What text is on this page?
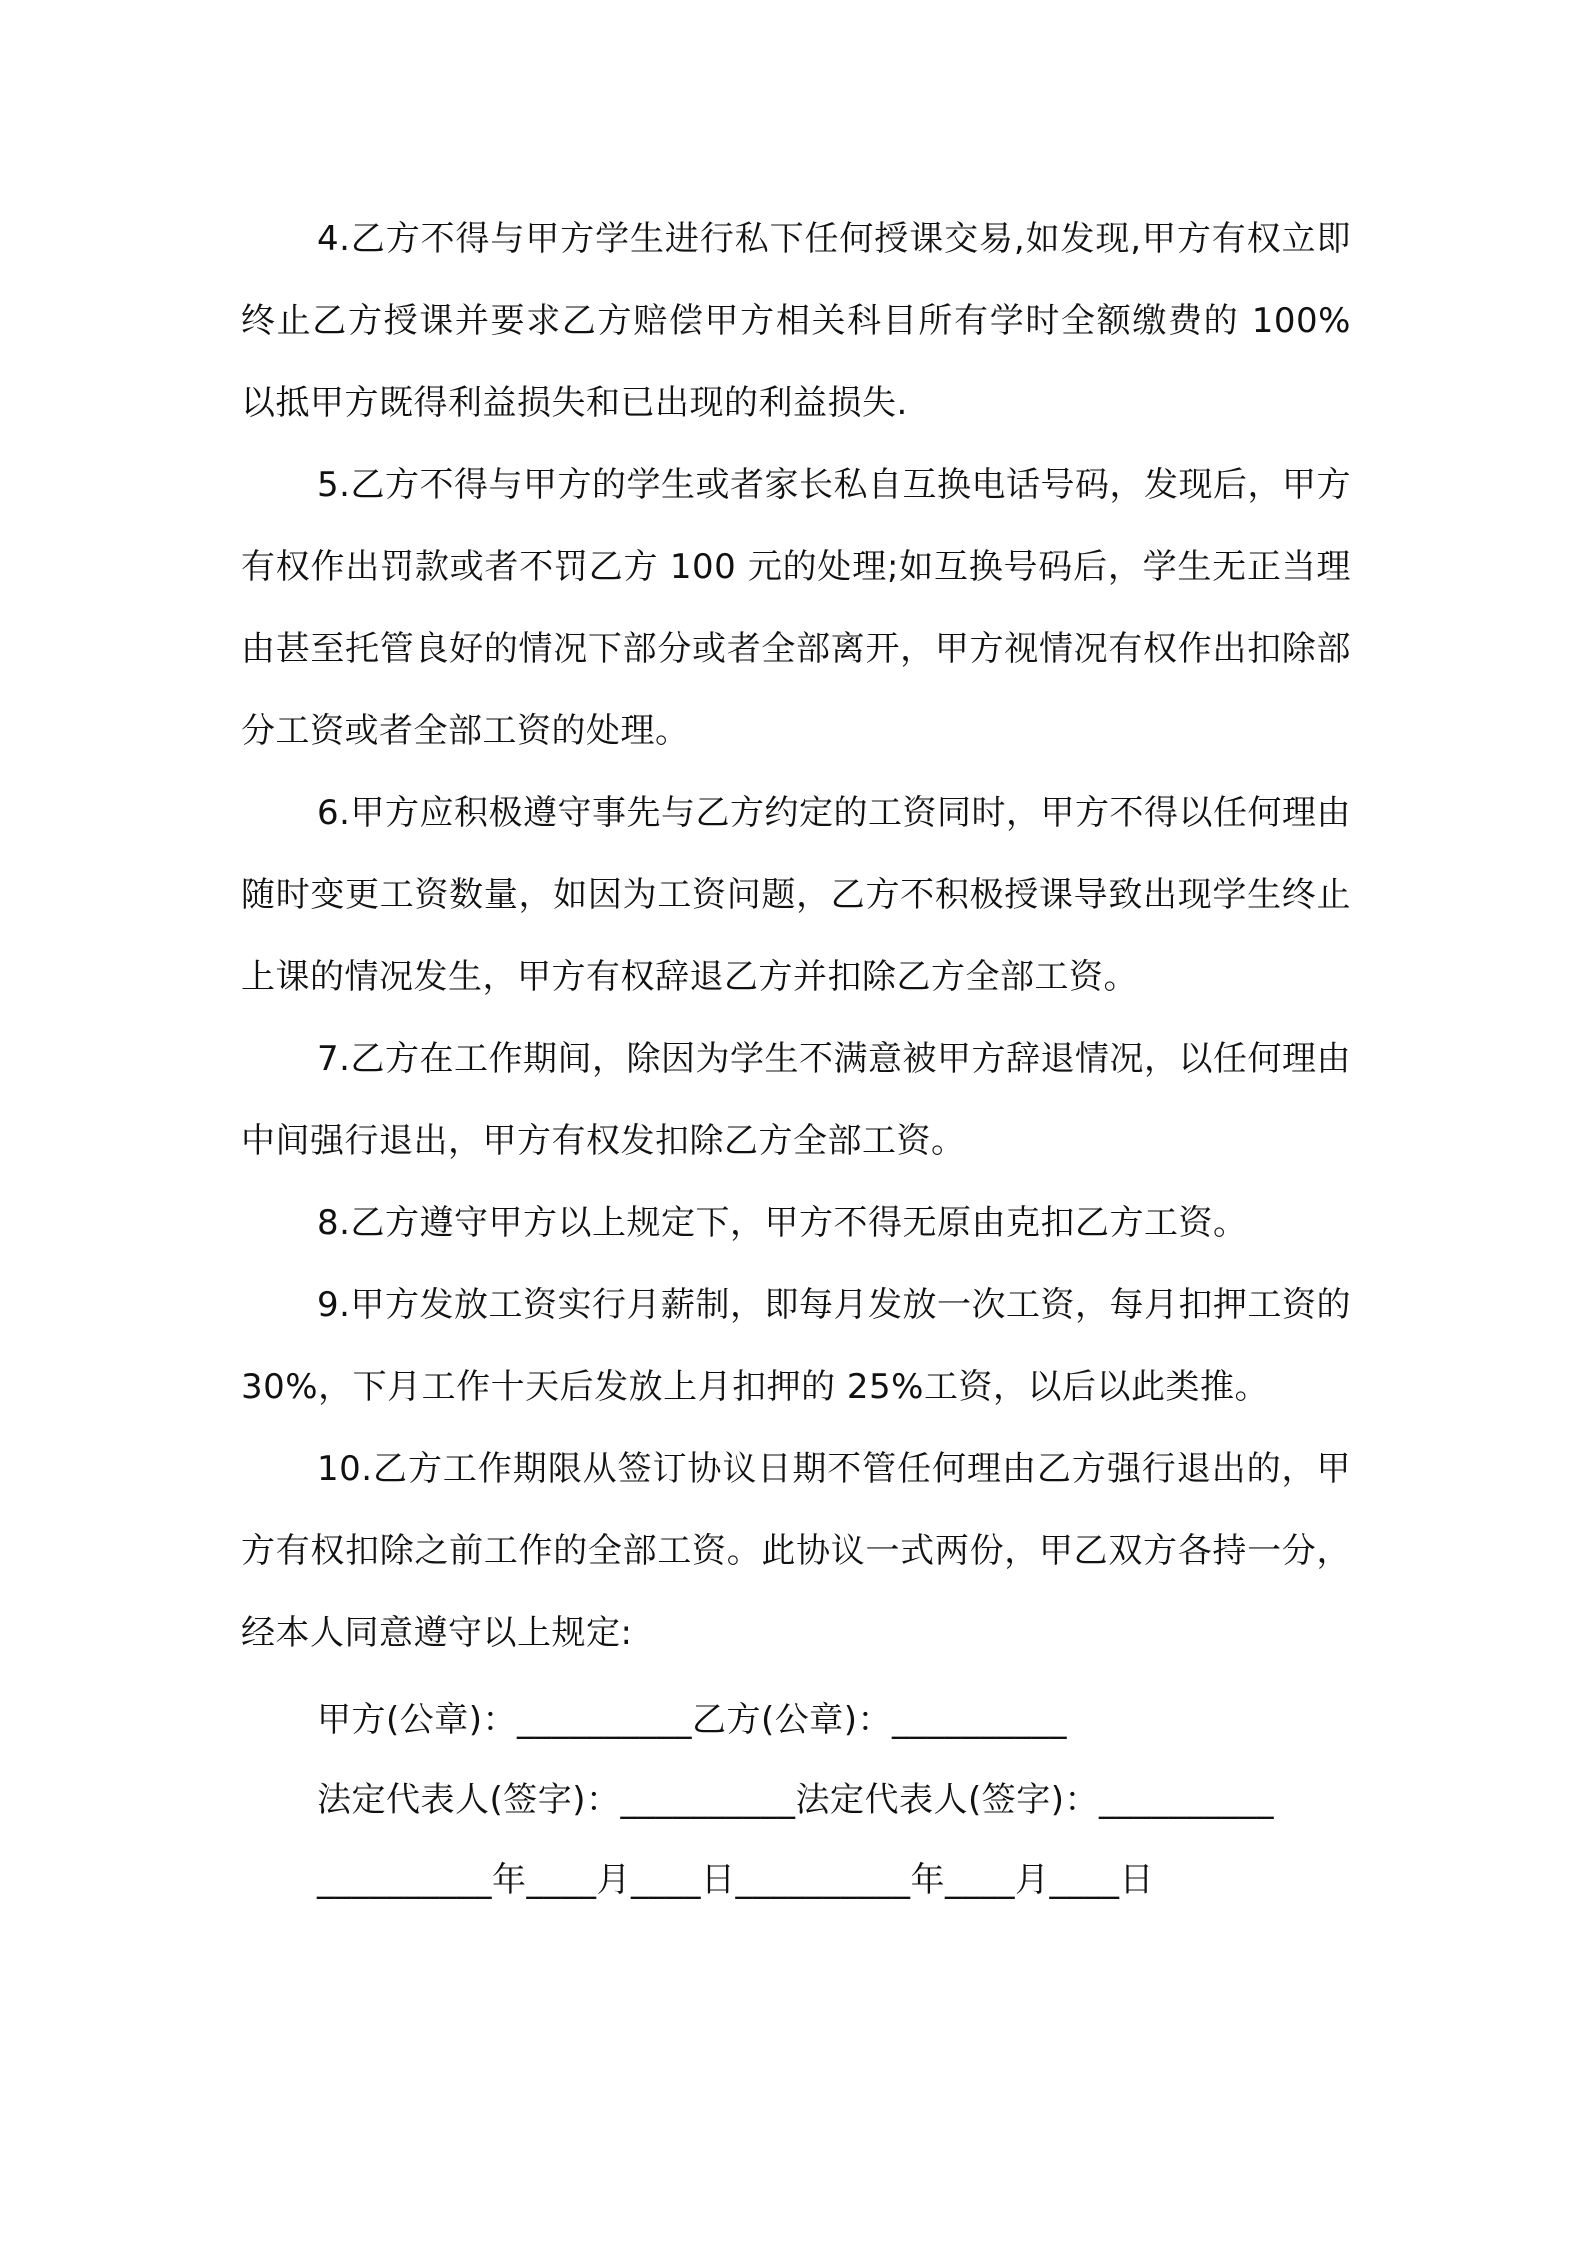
4.乙方不得与甲方学生进行私下任何授课交易,如发现,甲方有权立即终止乙方授课并要求乙方赔偿甲方相关科目所有学时全额缴费的 100%以抵甲方既得利益损失和已出现的利益损失.

5.乙方不得与甲方的学生或者家长私自互换电话号码，发现后，甲方有权作出罚款或者不罚乙方 100 元的处理;如互换号码后，学生无正当理由甚至托管良好的情况下部分或者全部离开，甲方视情况有权作出扣除部分工资或者全部工资的处理。

6.甲方应积极遵守事先与乙方约定的工资同时，甲方不得以任何理由随时变更工资数量，如因为工资问题，乙方不积极授课导致出现学生终止上课的情况发生，甲方有权辞退乙方并扣除乙方全部工资。

7.乙方在工作期间，除因为学生不满意被甲方辞退情况，以任何理由中间强行退出，甲方有权发扣除乙方全部工资。

8.乙方遵守甲方以上规定下，甲方不得无原由克扣乙方工资。

9.甲方发放工资实行月薪制，即每月发放一次工资，每月扣押工资的 30%，下月工作十天后发放上月扣押的 25%工资，以后以此类推。

10.乙方工作期限从签订协议日期不管任何理由乙方强行退出的，甲方有权扣除之前工作的全部工资。此协议一式两份，甲乙双方各持一分，经本人同意遵守以上规定:

甲方(公章)：__________乙方(公章)：__________
法定代表人(签字)：__________法定代表人(签字)：__________
__________年____月____日__________年____月____日
